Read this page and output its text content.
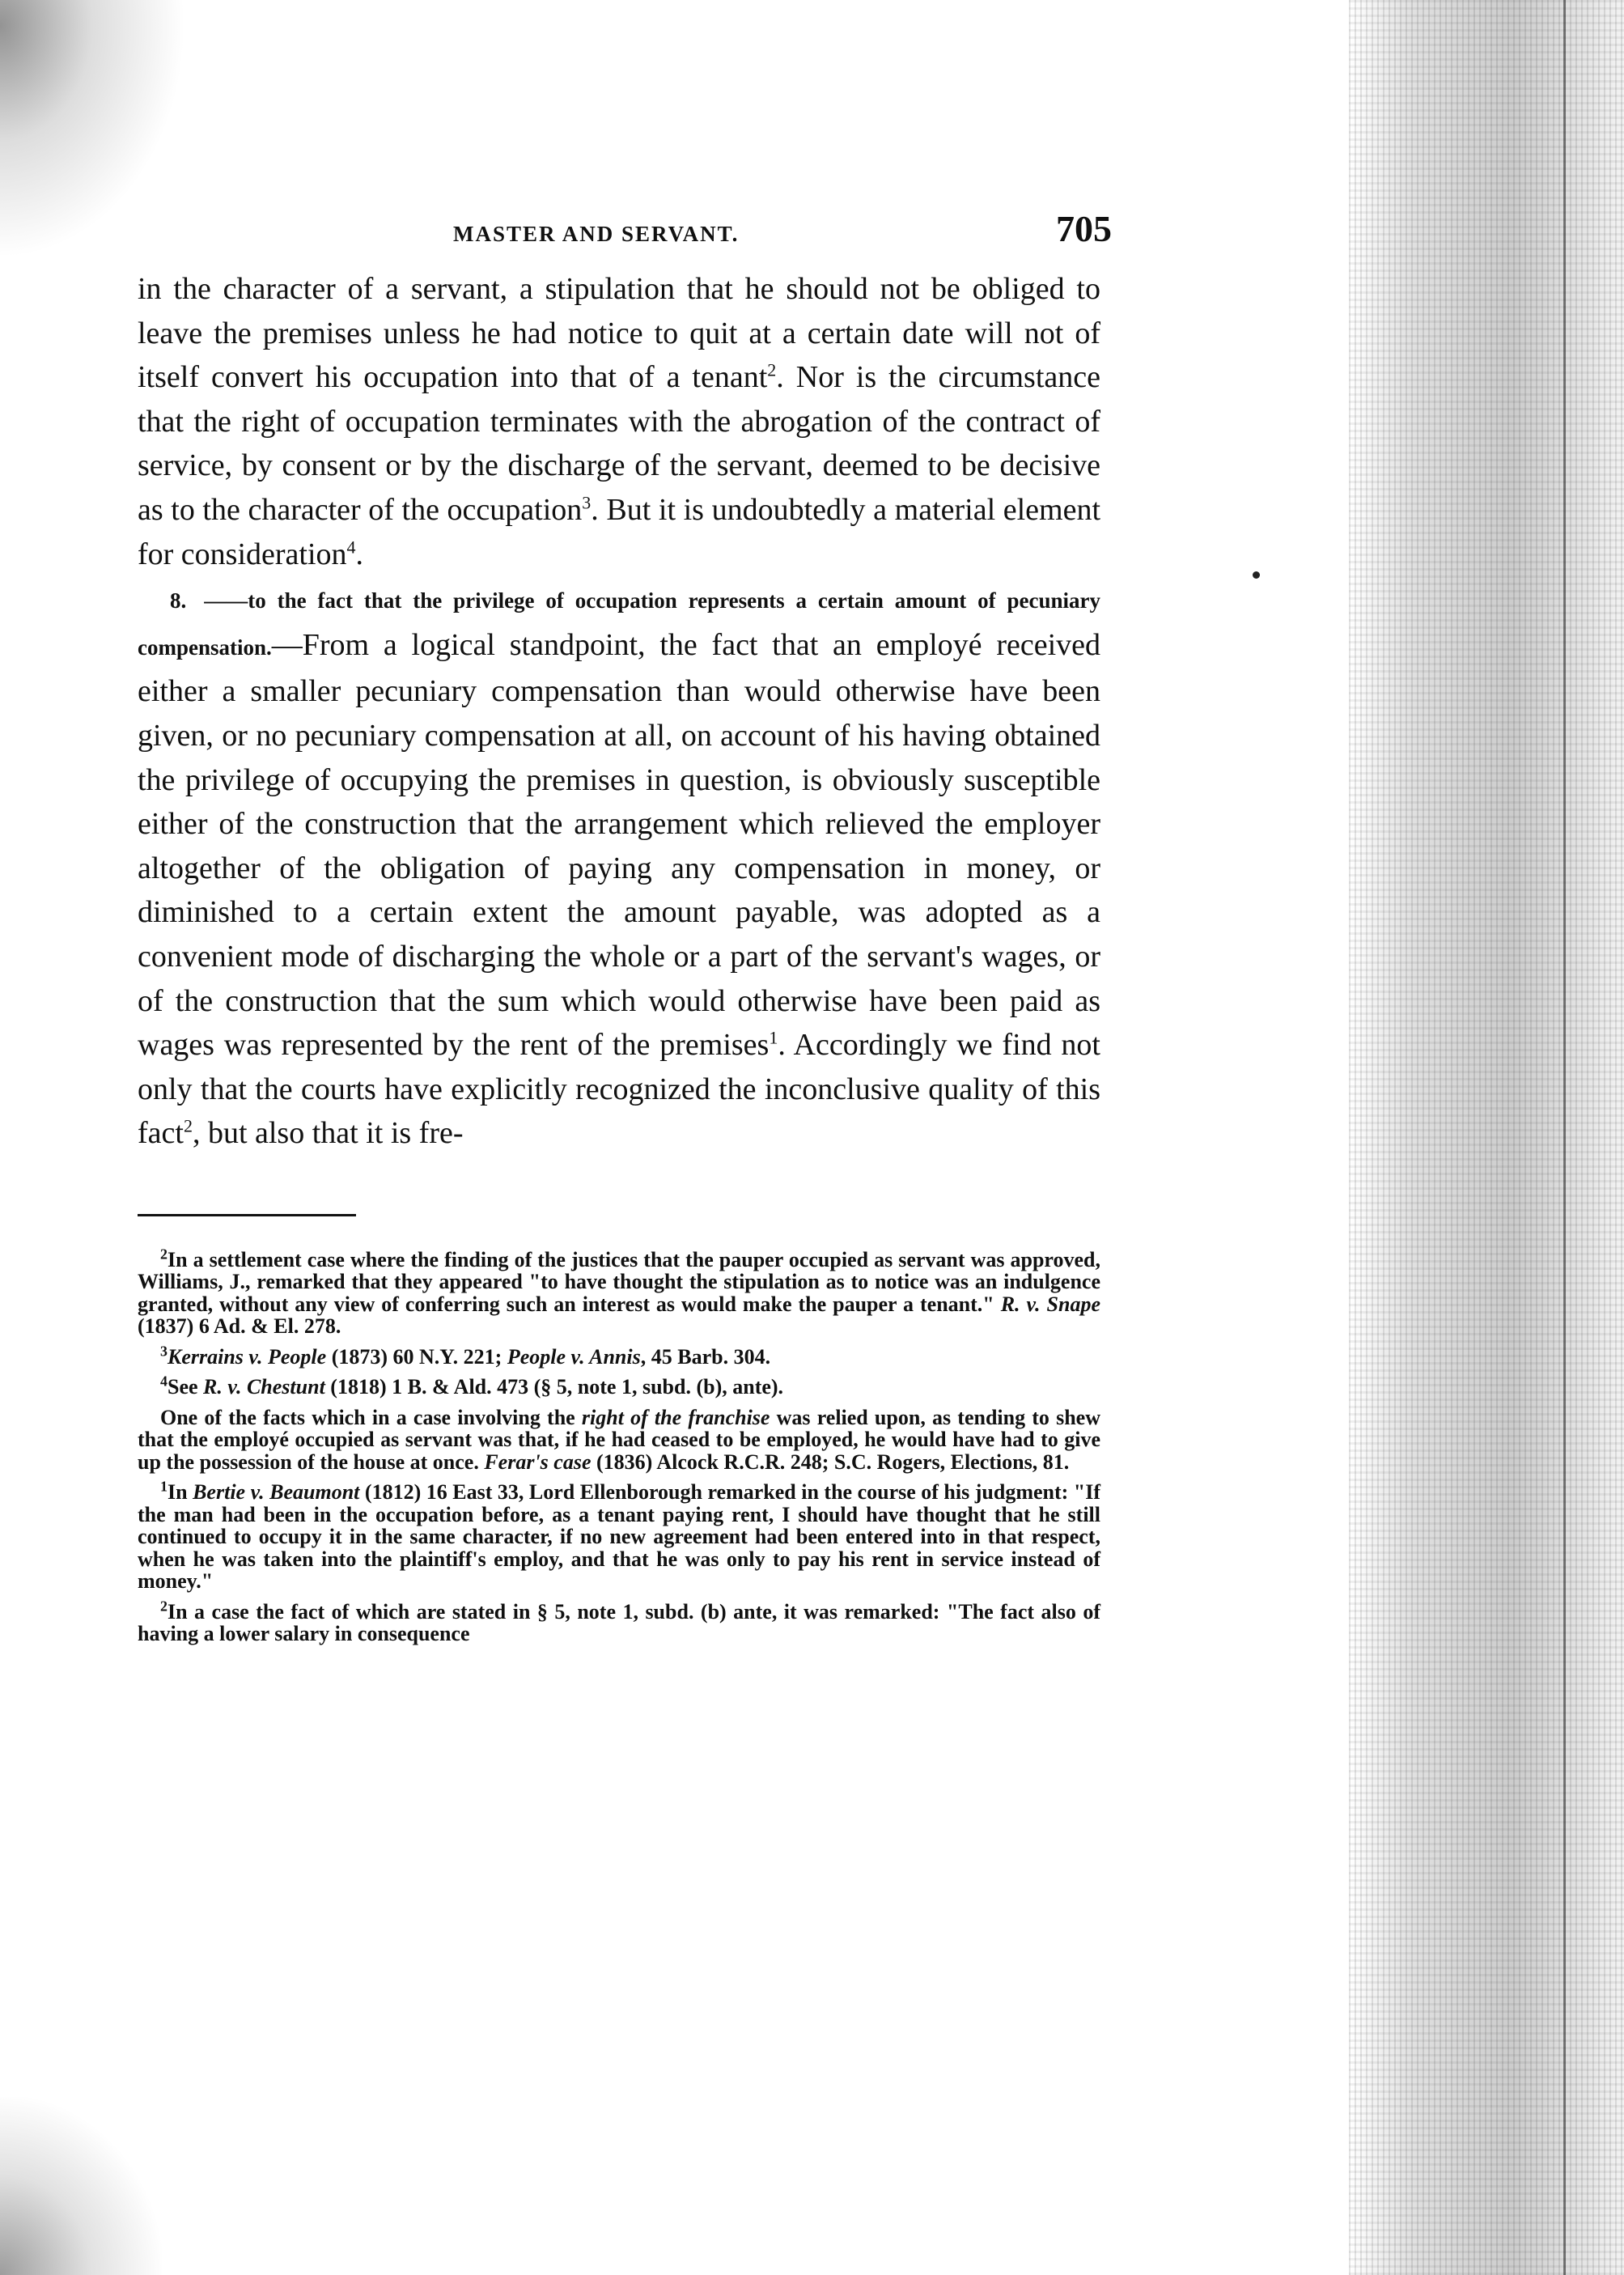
MASTER AND SERVANT.	705

in the character of a servant, a stipulation that he should not be obliged to leave the premises unless he had notice to quit at a certain date will not of itself convert his occupation into that of a tenant$^2$. Nor is the circumstance that the right of occupation terminates with the abrogation of the contract of service, by consent or by the discharge of the servant, deemed to be decisive as to the character of the occupation$^3$. But it is undoubtedly a material element for consideration$^4$.

8. ——to the fact that the privilege of occupation represents a certain amount of pecuniary compensation.—From a logical standpoint, the fact that an employé received either a smaller pecuniary compensation than would otherwise have been given, or no pecuniary compensation at all, on account of his having obtained the privilege of occupying the premises in question, is obviously susceptible either of the construction that the arrangement which relieved the employer altogether of the obligation of paying any compensation in money, or diminished to a certain extent the amount payable, was adopted as a convenient mode of discharging the whole or a part of the servant's wages, or of the construction that the sum which would otherwise have been paid as wages was represented by the rent of the premises$^1$. Accordingly we find not only that the courts have explicitly recognized the inconclusive quality of this fact$^2$, but also that it is fre-

$^2$In a settlement case where the finding of the justices that the pauper occupied as servant was approved, Williams, J., remarked that they appeared "to have thought the stipulation as to notice was an indulgence granted, without any view of conferring such an interest as would make the pauper a tenant." R. v. Snape (1837) 6 Ad. & El. 278.

$^3$Kerrains v. People (1873) 60 N.Y. 221; People v. Annis, 45 Barb. 304.

$^4$See R. v. Chestunt (1818) 1 B. & Ald. 473 (§ 5, note 1, subd. (b), ante).

One of the facts which in a case involving the right of the franchise was relied upon, as tending to shew that the employé occupied as servant was that, if he had ceased to be employed, he would have had to give up the possession of the house at once. Ferar's case (1836) Alcock R.C.R. 248; S.C. Rogers, Elections, 81.

$^1$In Bertie v. Beaumont (1812) 16 East 33, Lord Ellenborough remarked in the course of his judgment: "If the man had been in the occupation before, as a tenant paying rent, I should have thought that he still continued to occupy it in the same character, if no new agreement had been entered into in that respect, when he was taken into the plaintiff's employ, and that he was only to pay his rent in service instead of money."

$^2$In a case the fact of which are stated in § 5, note 1, subd. (b) ante, it was remarked: "The fact also of having a lower salary in consequence
